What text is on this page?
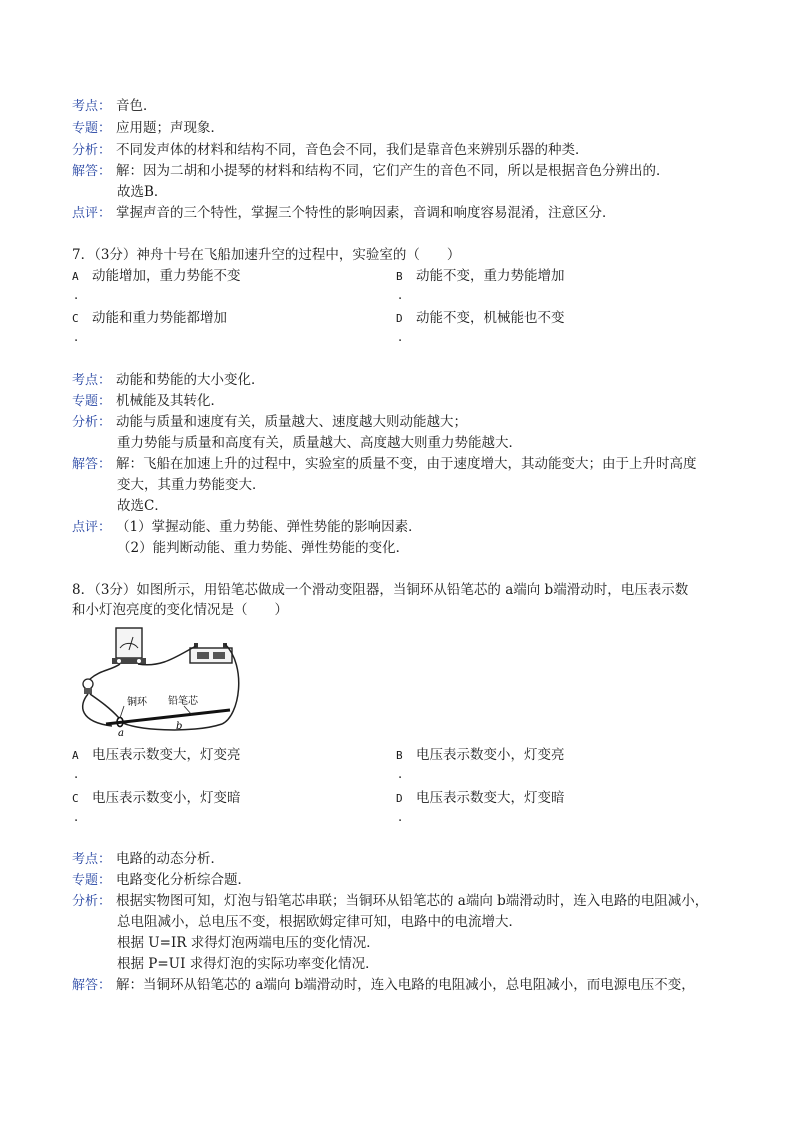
考点： 音色．
专题： 应用题；声现象．
分析： 不同发声体的材料和结构不同，音色会不同，我们是靠音色来辨别乐器的种类．
解答： 解：因为二胡和小提琴的材料和结构不同，它们产生的音色不同，所以是根据音色分辨出的．
故选B．
点评： 掌握声音的三个特性，掌握三个特性的影响因素，音调和响度容易混淆，注意区分．
7．（3分）神舟十号在飞船加速升空的过程中，实验室的（　　）
A 动能增加，重力势能不变
.
B 动能不变，重力势能增加
.
C 动能和重力势能都增加
.
D 动能不变，机械能也不变
.
考点： 动能和势能的大小变化．
专题： 机械能及其转化．
分析： 动能与质量和速度有关，质量越大、速度越大则动能越大；
重力势能与质量和高度有关，质量越大、高度越大则重力势能越大．
解答： 解：飞船在加速上升的过程中，实验室的质量不变，由于速度增大，其动能变大；由于上升时高度
变大，其重力势能变大．
故选C．
点评： （1）掌握动能、重力势能、弹性势能的影响因素．
（2）能判断动能、重力势能、弹性势能的变化．
8．（3分）如图所示，用铅笔芯做成一个滑动变阻器，当铜环从铅笔芯的 a端向 b端滑动时，电压表示数
和小灯泡亮度的变化情况是（　　）
铜环 铅笔芯
a
b
A 电压表示数变大，灯变亮
.
B 电压表示数变小，灯变亮
.
C 电压表示数变小，灯变暗
.
D 电压表示数变大，灯变暗
.
考点： 电路的动态分析．
专题： 电路变化分析综合题．
分析： 根据实物图可知，灯泡与铅笔芯串联；当铜环从铅笔芯的 a端向 b端滑动时，连入电路的电阻减小，
总电阻减小，总电压不变，根据欧姆定律可知，电路中的电流增大．
根据 U=IR 求得灯泡两端电压的变化情况．
根据 P=UI 求得灯泡的实际功率变化情况．
解答： 解：当铜环从铅笔芯的 a端向 b端滑动时，连入电路的电阻减小，总电阻减小，而电源电压不变，
